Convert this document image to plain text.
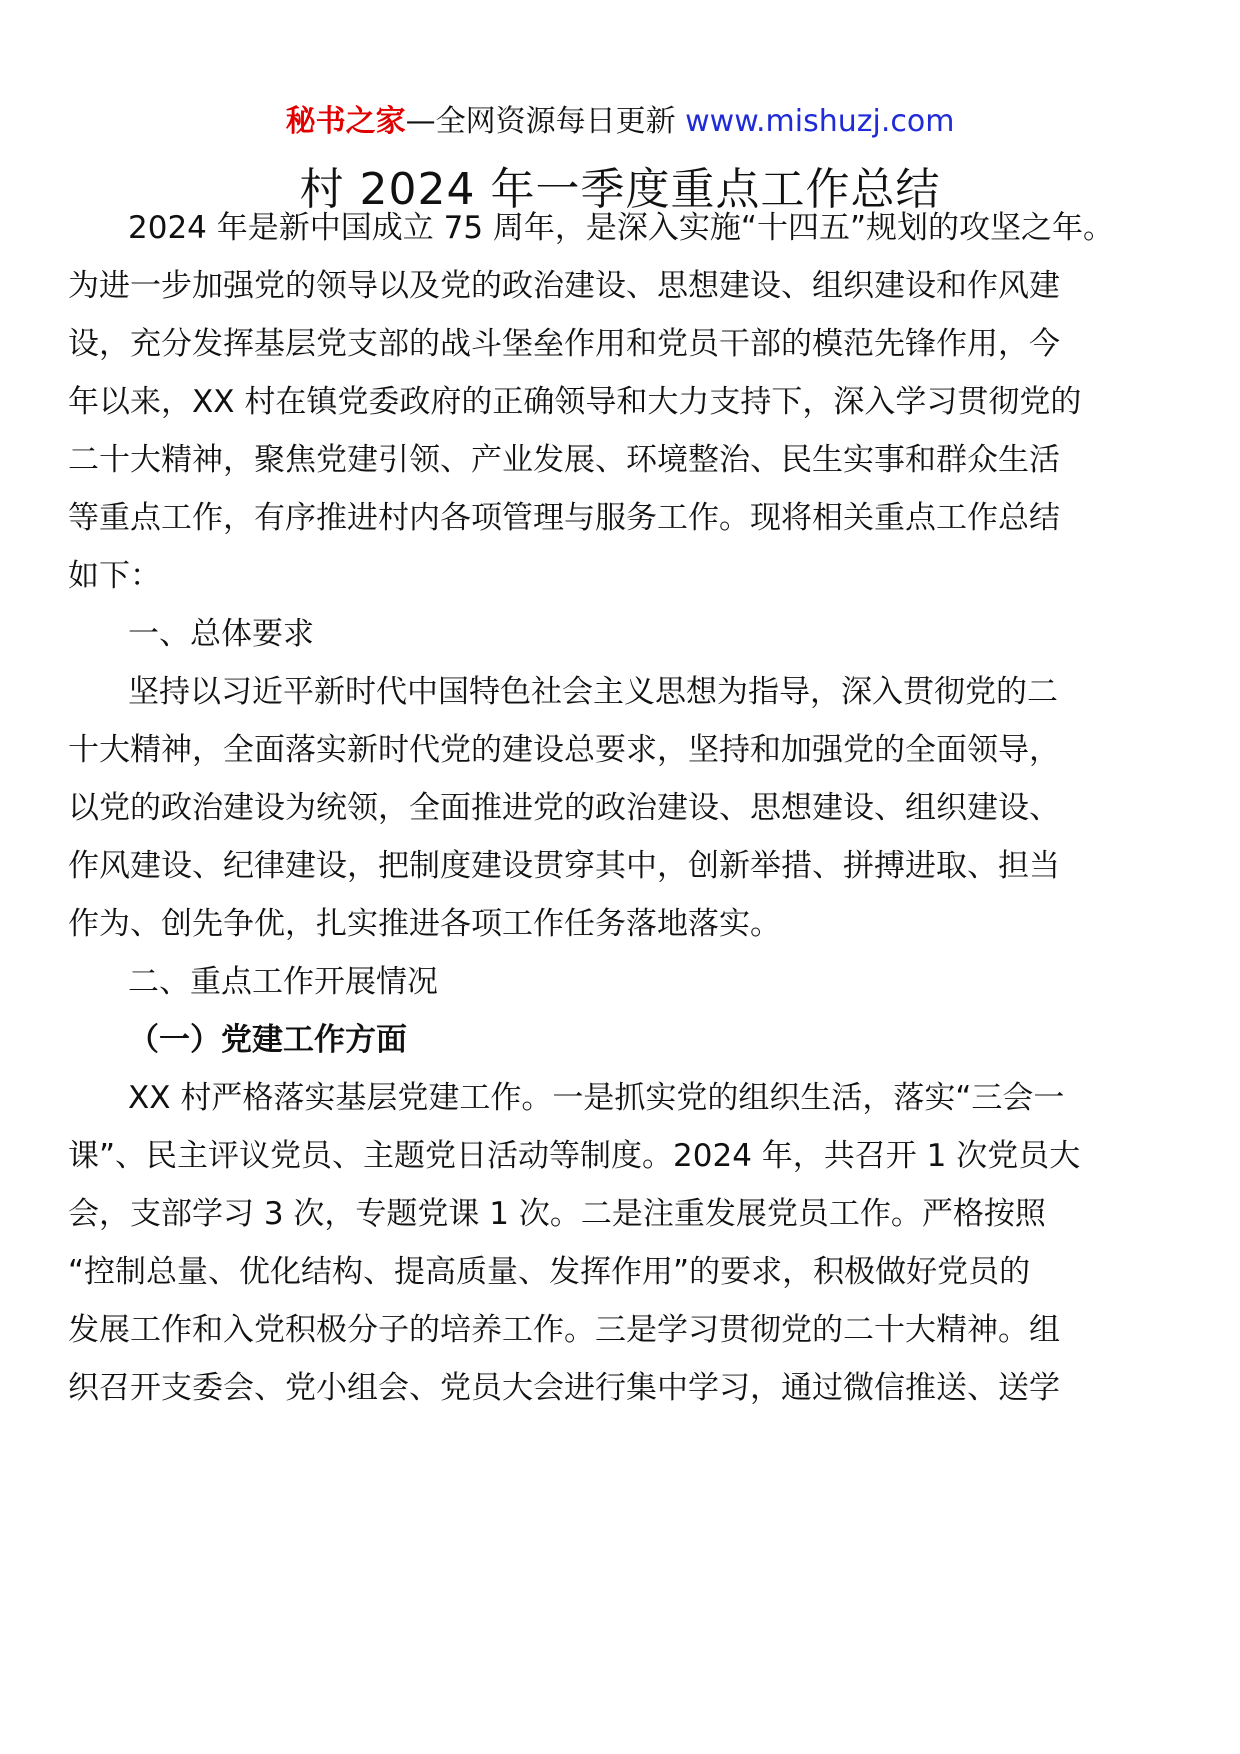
秘书之家—全网资源每日更新 www.mishuzj.com
村 2024 年一季度重点工作总结
2024 年是新中国成立 75 周年，是深入实施“十四五”规划的攻坚之年。
为进一步加强党的领导以及党的政治建设、思想建设、组织建设和作风建
设，充分发挥基层党支部的战斗堡垒作用和党员干部的模范先锋作用，今
年以来，XX 村在镇党委政府的正确领导和大力支持下，深入学习贯彻党的
二十大精神，聚焦党建引领、产业发展、环境整治、民生实事和群众生活
等重点工作，有序推进村内各项管理与服务工作。现将相关重点工作总结
如下：
一、总体要求
坚持以习近平新时代中国特色社会主义思想为指导，深入贯彻党的二
十大精神，全面落实新时代党的建设总要求，坚持和加强党的全面领导，
以党的政治建设为统领，全面推进党的政治建设、思想建设、组织建设、
作风建设、纪律建设，把制度建设贯穿其中，创新举措、拼搏进取、担当
作为、创先争优，扎实推进各项工作任务落地落实。
二、重点工作开展情况
（一）党建工作方面
XX 村严格落实基层党建工作。一是抓实党的组织生活，落实“三会一
课”、民主评议党员、主题党日活动等制度。2024 年，共召开 1 次党员大
会，支部学习 3 次，专题党课 1 次。二是注重发展党员工作。严格按照
“控制总量、优化结构、提高质量、发挥作用”的要求，积极做好党员的
发展工作和入党积极分子的培养工作。三是学习贯彻党的二十大精神。组
织召开支委会、党小组会、党员大会进行集中学习，通过微信推送、送学
